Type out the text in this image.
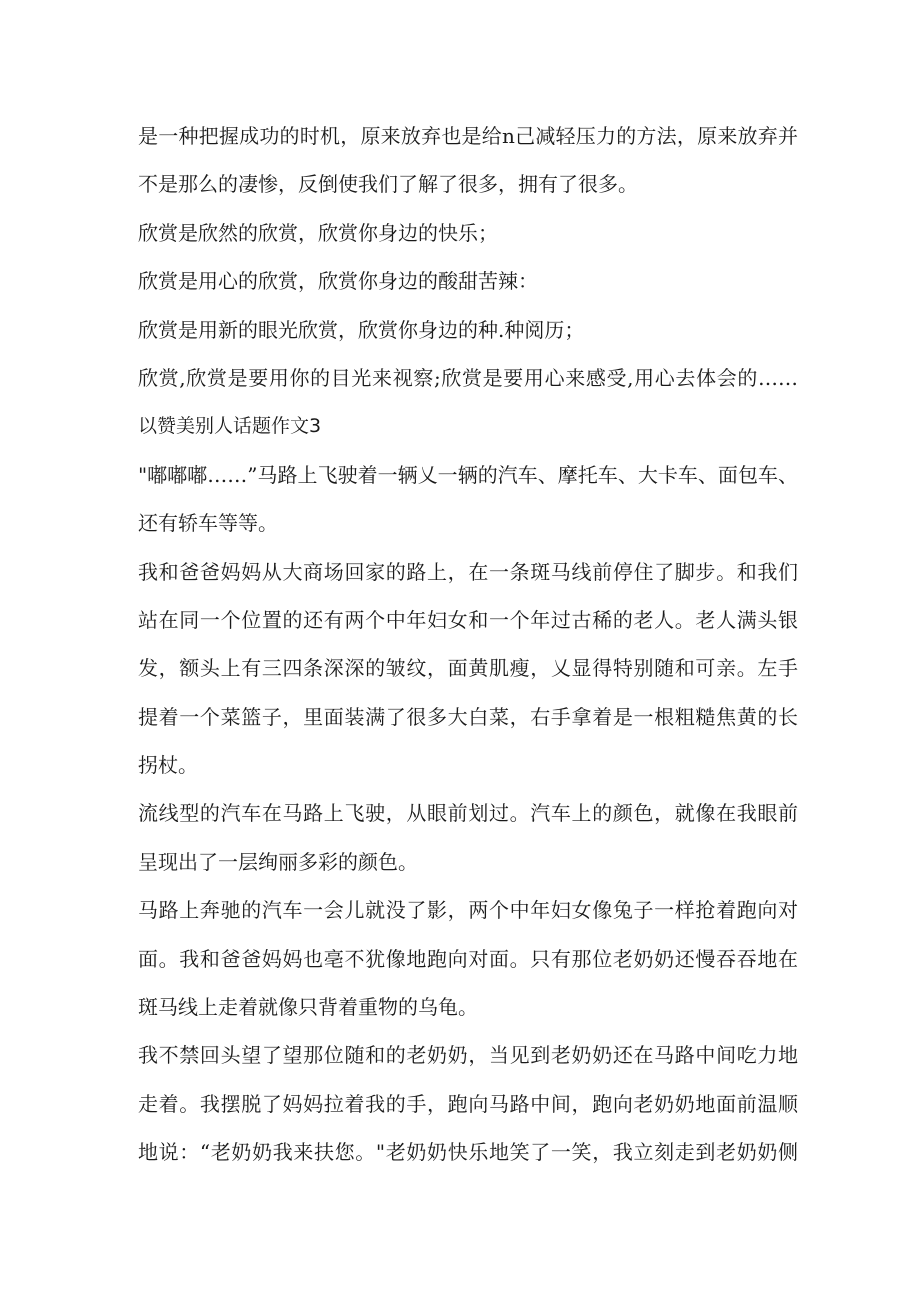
是一种把握成功的时机，原来放弃也是给n己减轻压力的方法，原来放弃并
不是那么的凄惨，反倒使我们了解了很多，拥有了很多。
欣赏是欣然的欣赏，欣赏你身边的快乐；
欣赏是用心的欣赏，欣赏你身边的酸甜苦辣：
欣赏是用新的眼光欣赏，欣赏你身边的种.种阅历；
欣赏,欣赏是要用你的目光来视察;欣赏是要用心来感受,用心去体会的……
以赞美别人话题作文3
"嘟嘟嘟……”马路上飞驶着一辆乂一辆的汽车、摩托车、大卡车、面包车、
还有轿车等等。
我和爸爸妈妈从大商场回家的路上，在一条斑马线前停住了脚步。和我们
站在同一个位置的还有两个中年妇女和一个年过古稀的老人。老人满头银
发，额头上有三四条深深的皱纹，面黄肌瘦，乂显得特别随和可亲。左手
提着一个菜篮子，里面装满了很多大白菜，右手拿着是一根粗糙焦黄的长
拐杖。
流线型的汽车在马路上飞驶，从眼前划过。汽车上的颜色，就像在我眼前
呈现出了一层绚丽多彩的颜色。
马路上奔驰的汽车一会儿就没了影，两个中年妇女像兔子一样抢着跑向对
面。我和爸爸妈妈也亳不犹像地跑向对面。只有那位老奶奶还慢吞吞地在
斑马线上走着就像只背着重物的乌龟。
我不禁回头望了望那位随和的老奶奶，当见到老奶奶还在马路中间吃力地
走着。我摆脱了妈妈拉着我的手，跑向马路中间，跑向老奶奶地面前温顺
地说：“老奶奶我来扶您。"老奶奶快乐地笑了一笑，我立刻走到老奶奶侧
